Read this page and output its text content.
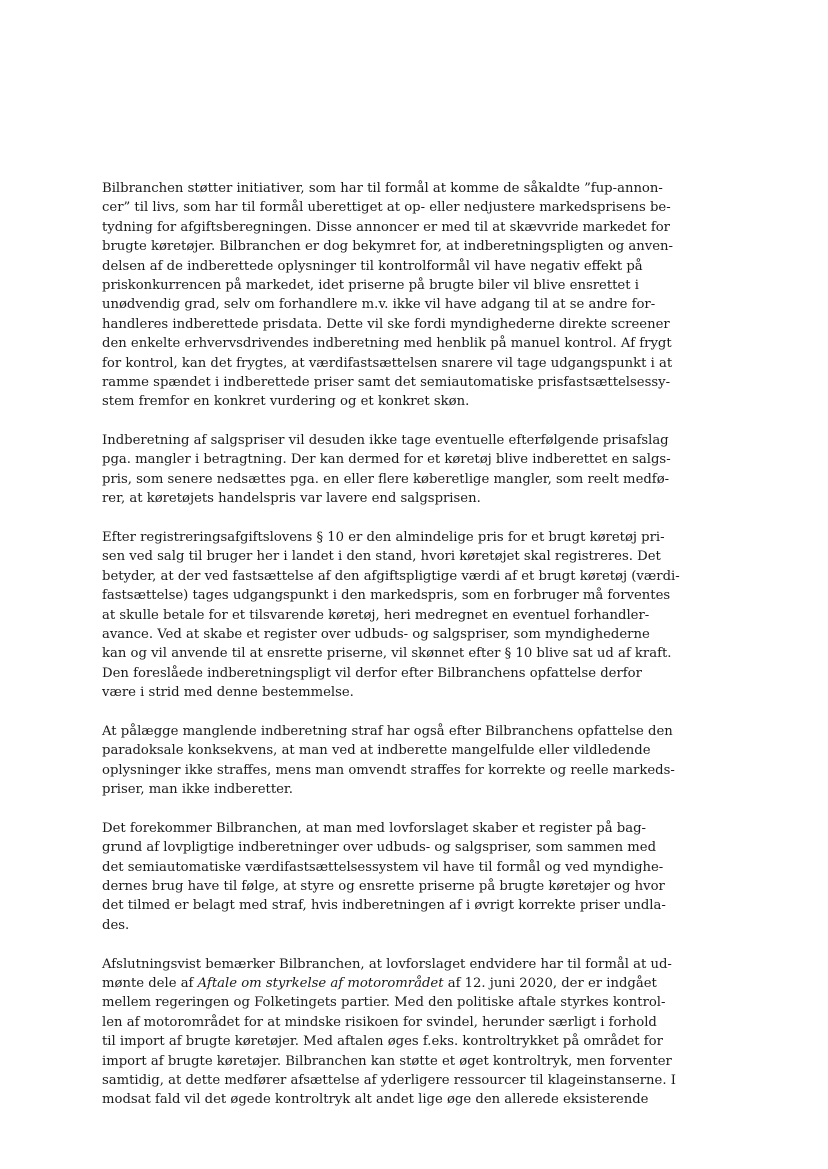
Bilbranchen støtter initiativer, som har til formål at komme de såkaldte ”fup-annon-
cer” til livs, som har til formål uberettiget at op- eller nedjustere markedsprisens be-
tydning for afgiftsberegningen. Disse annoncer er med til at skævvride markedet for
brugte køretøjer. Bilbranchen er dog bekymret for, at indberetningspligten og anven-
delsen af de indberettede oplysninger til kontrolformål vil have negativ effekt på
priskonkurrencen på markedet, idet priserne på brugte biler vil blive ensrettet i
unødvendig grad, selv om forhandlere m.v. ikke vil have adgang til at se andre for-
handleres indberettede prisdata. Dette vil ske fordi myndighederne direkte screener
den enkelte erhvervsdrivendes indberetning med henblik på manuel kontrol. Af frygt
for kontrol, kan det frygtes, at værdifastsættelsen snarere vil tage udgangspunkt i at
ramme spændet i indberettede priser samt det semiautomatiske prisfastsættelsessy-
stem fremfor en konkret vurdering og et konkret skøn.
Indberetning af salgspriser vil desuden ikke tage eventuelle efterfølgende prisafslag
pga. mangler i betragtning. Der kan dermed for et køretøj blive indberettet en salgs-
pris, som senere nedsættes pga. en eller flere køberetlige mangler, som reelt medfø-
rer, at køretøjets handelspris var lavere end salgsprisen.
Efter registreringsafgiftslovens § 10 er den almindelige pris for et brugt køretøj pri-
sen ved salg til bruger her i landet i den stand, hvori køretøjet skal registreres. Det
betyder, at der ved fastsættelse af den afgiftspligtige værdi af et brugt køretøj (værdi-
fastsættelse) tages udgangspunkt i den markedspris, som en forbruger må forventes
at skulle betale for et tilsvarende køretøj, heri medregnet en eventuel forhandler-
avance. Ved at skabe et register over udbuds- og salgspriser, som myndighederne
kan og vil anvende til at ensrette priserne, vil skønnet efter § 10 blive sat ud af kraft.
Den foreslåede indberetningspligt vil derfor efter Bilbranchens opfattelse derfor
være i strid med denne bestemmelse.
At pålægge manglende indberetning straf har også efter Bilbranchens opfattelse den
paradoksale konksekvens, at man ved at indberette mangelfulde eller vildledende
oplysninger ikke straffes, mens man omvendt straffes for korrekte og reelle markeds-
priser, man ikke indberetter.
Det forekommer Bilbranchen, at man med lovforslaget skaber et register på bag-
grund af lovpligtige indberetninger over udbuds- og salgspriser, som sammen med
det semiautomatiske værdifastsættelsessystem vil have til formål og ved myndighe-
dernes brug have til følge, at styre og ensrette priserne på brugte køretøjer og hvor
det tilmed er belagt med straf, hvis indberetningen af i øvrigt korrekte priser undla-
des.
Afslutningsvist bemærker Bilbranchen, at lovforslaget endvidere har til formål at ud-
mønte dele af Aftale om styrkelse af motorområdet af 12. juni 2020, der er indgået
mellem regeringen og Folketingets partier. Med den politiske aftale styrkes kontrol-
len af motorområdet for at mindske risikoen for svindel, herunder særligt i forhold
til import af brugte køretøjer. Med aftalen øges f.eks. kontroltrykket på området for
import af brugte køretøjer. Bilbranchen kan støtte et øget kontroltryk, men forventer
samtidig, at dette medfører afsættelse af yderligere ressourcer til klageinstanserne. I
modsat fald vil det øgede kontroltryk alt andet lige øge den allerede eksisterende
